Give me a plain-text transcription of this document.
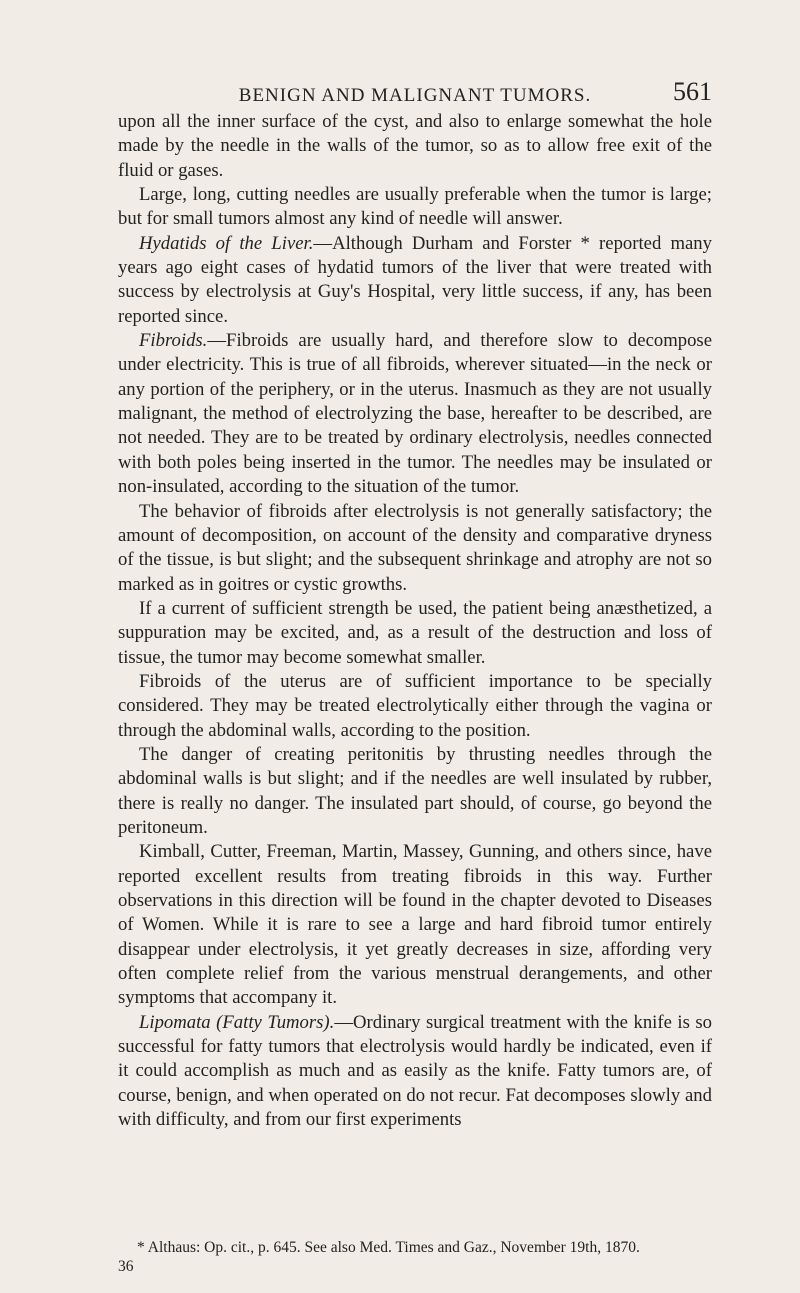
BENIGN AND MALIGNANT TUMORS.	561

upon all the inner surface of the cyst, and also to enlarge somewhat the hole made by the needle in the walls of the tumor, so as to allow free exit of the fluid or gases.

Large, long, cutting needles are usually preferable when the tumor is large; but for small tumors almost any kind of needle will answer.

Hydatids of the Liver.—Although Durham and Forster * reported many years ago eight cases of hydatid tumors of the liver that were treated with success by electrolysis at Guy's Hospital, very little success, if any, has been reported since.

Fibroids.—Fibroids are usually hard, and therefore slow to decompose under electricity. This is true of all fibroids, wherever situated—in the neck or any portion of the periphery, or in the uterus. Inasmuch as they are not usually malignant, the method of electrolyzing the base, hereafter to be described, are not needed. They are to be treated by ordinary electrolysis, needles connected with both poles being inserted in the tumor. The needles may be insulated or non-insulated, according to the situation of the tumor.

The behavior of fibroids after electrolysis is not generally satisfactory; the amount of decomposition, on account of the density and comparative dryness of the tissue, is but slight; and the subsequent shrinkage and atrophy are not so marked as in goitres or cystic growths.

If a current of sufficient strength be used, the patient being anæsthetized, a suppuration may be excited, and, as a result of the destruction and loss of tissue, the tumor may become somewhat smaller.

Fibroids of the uterus are of sufficient importance to be specially considered. They may be treated electrolytically either through the vagina or through the abdominal walls, according to the position.

The danger of creating peritonitis by thrusting needles through the abdominal walls is but slight; and if the needles are well insulated by rubber, there is really no danger. The insulated part should, of course, go beyond the peritoneum.

Kimball, Cutter, Freeman, Martin, Massey, Gunning, and others since, have reported excellent results from treating fibroids in this way. Further observations in this direction will be found in the chapter devoted to Diseases of Women. While it is rare to see a large and hard fibroid tumor entirely disappear under electrolysis, it yet greatly decreases in size, affording very often complete relief from the various menstrual derangements, and other symptoms that accompany it.

Lipomata (Fatty Tumors).—Ordinary surgical treatment with the knife is so successful for fatty tumors that electrolysis would hardly be indicated, even if it could accomplish as much and as easily as the knife. Fatty tumors are, of course, benign, and when operated on do not recur. Fat decomposes slowly and with difficulty, and from our first experiments

* Althaus: Op. cit., p. 645. See also Med. Times and Gaz., November 19th, 1870.
36
